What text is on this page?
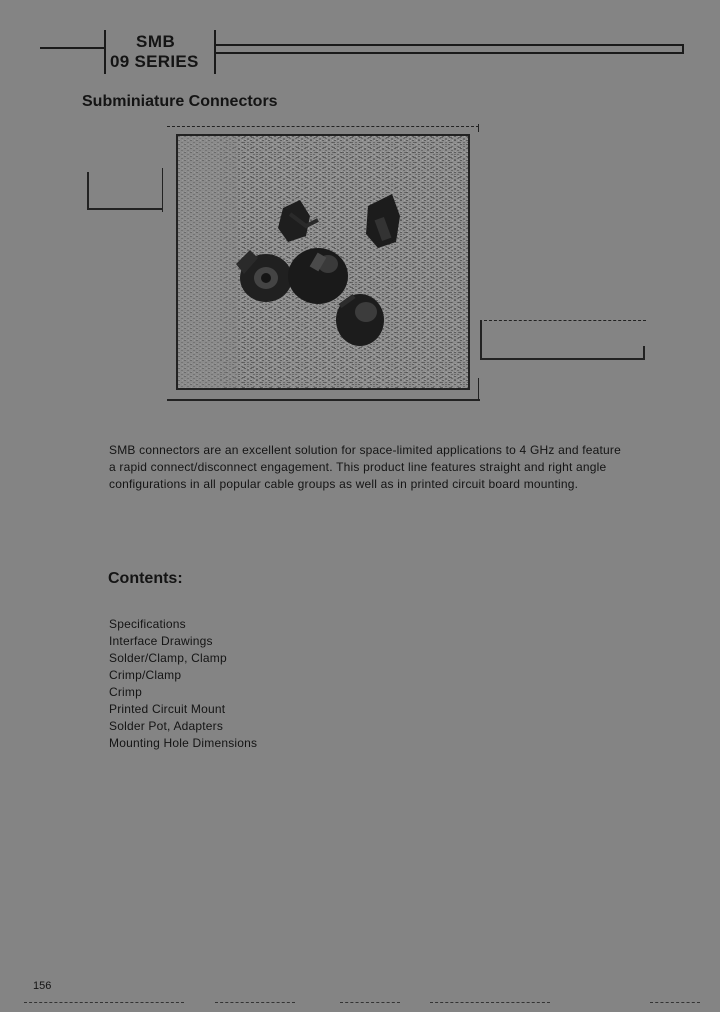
SMB
09 SERIES
Subminiature Connectors

SMB connectors are an excellent solution for space-limited applications to 4 GHz and feature a rapid connect/disconnect engagement. This product line features straight and right angle configurations in all popular cable groups as well as in printed circuit board mounting.

Contents:
Specifications
Interface Drawings
Solder/Clamp, Clamp
Crimp/Clamp
Crimp
Printed Circuit Mount
Solder Pot, Adapters
Mounting Hole Dimensions
156
